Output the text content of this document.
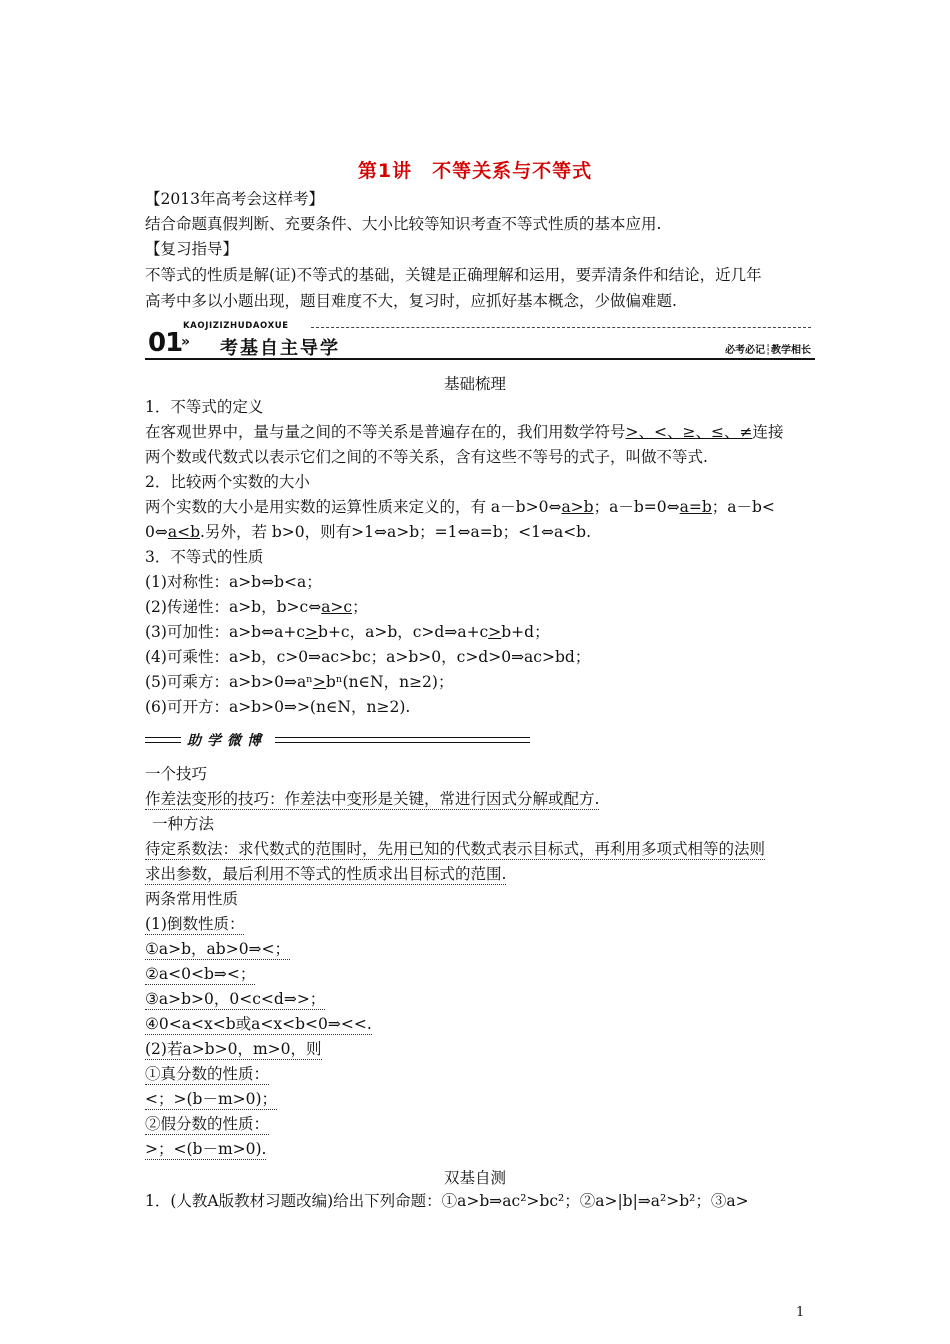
第1讲　不等关系与不等式
【2013年高考会这样考】
结合命题真假判断、充要条件、大小比较等知识考查不等式性质的基本应用.
【复习指导】
不等式的性质是解(证)不等式的基础，关键是正确理解和运用，要弄清条件和结论，近几年
高考中多以小题出现，题目难度不大，复习时，应抓好基本概念，少做偏难题.
01
KAOJIZIZHUDAOXUE
» 考基自主导学	必考必记┆教学相长
基础梳理
1．不等式的定义
在客观世界中，量与量之间的不等关系是普遍存在的，我们用数学符号>、<、≥、≤、≠连接
两个数或代数式以表示它们之间的不等关系，含有这些不等号的式子，叫做不等式.
2．比较两个实数的大小
两个实数的大小是用实数的运算性质来定义的，有 a－b>0⇔a>b；a－b=0⇔a=b；a－b<
0⇔a<b.另外，若 b>0，则有>1⇔a>b；=1⇔a=b；<1⇔a<b.
3．不等式的性质
(1)对称性：a>b⇔b<a；
(2)传递性：a>b，b>c⇔a>c；
(3)可加性：a>b⇔a+c>b+c，a>b，c>d⇒a+c>b+d；
(4)可乘性：a>b，c>0⇒ac>bc；a>b>0，c>d>0⇒ac>bd；
(5)可乘方：a>b>0⇒aⁿ>bⁿ(n∈N，n≥2)；
(6)可开方：a>b>0⇒>(n∈N，n≥2).
助学微博
一个技巧
作差法变形的技巧：作差法中变形是关键，常进行因式分解或配方.
一种方法
待定系数法：求代数式的范围时，先用已知的代数式表示目标式，再利用多项式相等的法则
求出参数，最后利用不等式的性质求出目标式的范围.
两条常用性质
(1)倒数性质：
①a>b，ab>0⇒<；
②a<0<b⇒<；
③a>b>0，0<c<d⇒>；
④0<a<x<b或a<x<b<0⇒<<.
(2)若a>b>0，m>0，则
①真分数的性质：
<；>(b－m>0)；
②假分数的性质：
>；<(b－m>0).
双基自测
1．(人教A版教材习题改编)给出下列命题：①a>b⇒ac²>bc²；②a>|b|⇒a²>b²；③a>
1
